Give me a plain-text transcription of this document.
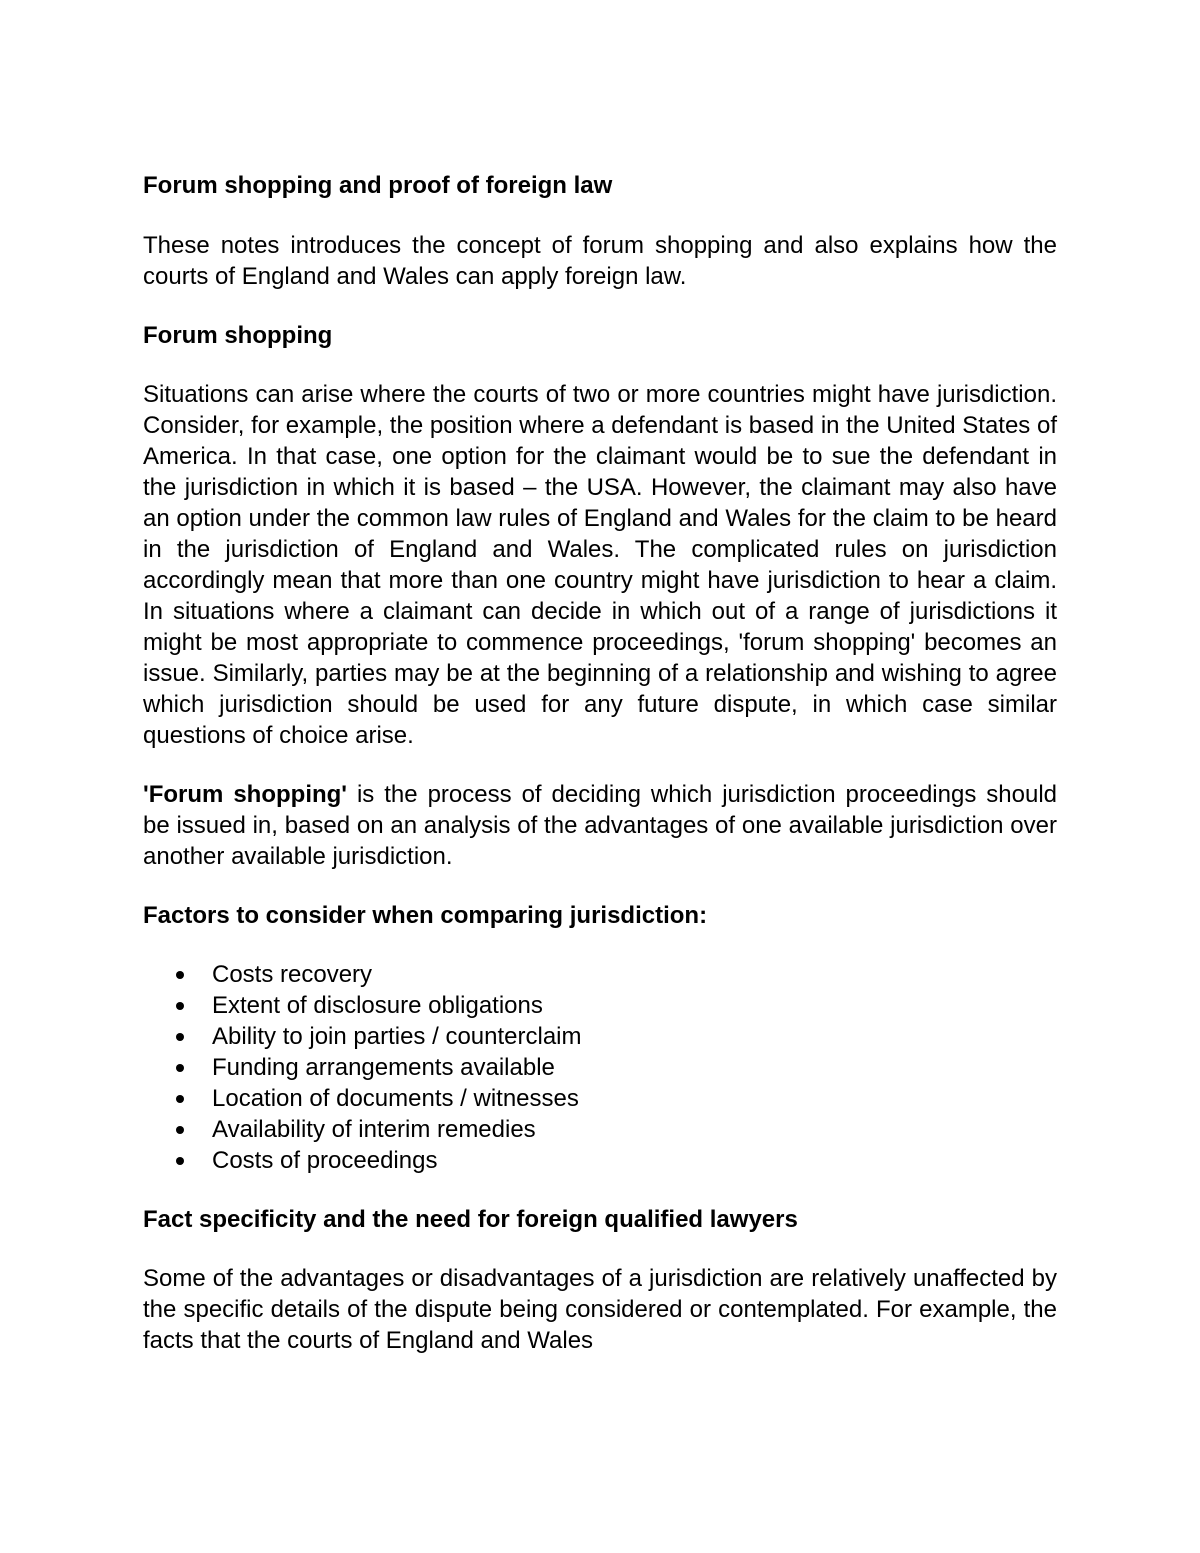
Forum shopping and proof of foreign law

These notes introduces the concept of forum shopping and also explains how the courts of England and Wales can apply foreign law.

Forum shopping

Situations can arise where the courts of two or more countries might have jurisdiction. Consider, for example, the position where a defendant is based in the United States of America. In that case, one option for the claimant would be to sue the defendant in the jurisdiction in which it is based – the USA. However, the claimant may also have an option under the common law rules of England and Wales for the claim to be heard in the jurisdiction of England and Wales. The complicated rules on jurisdiction accordingly mean that more than one country might have jurisdiction to hear a claim. In situations where a claimant can decide in which out of a range of jurisdictions it might be most appropriate to commence proceedings, 'forum shopping' becomes an issue. Similarly, parties may be at the beginning of a relationship and wishing to agree which jurisdiction should be used for any future dispute, in which case similar questions of choice arise.

'Forum shopping' is the process of deciding which jurisdiction proceedings should be issued in, based on an analysis of the advantages of one available jurisdiction over another available jurisdiction.

Factors to consider when comparing jurisdiction:

Costs recovery
Extent of disclosure obligations
Ability to join parties / counterclaim
Funding arrangements available
Location of documents / witnesses
Availability of interim remedies
Costs of proceedings

Fact specificity and the need for foreign qualified lawyers

Some of the advantages or disadvantages of a jurisdiction are relatively unaffected by the specific details of the dispute being considered or contemplated. For example, the facts that the courts of England and Wales
